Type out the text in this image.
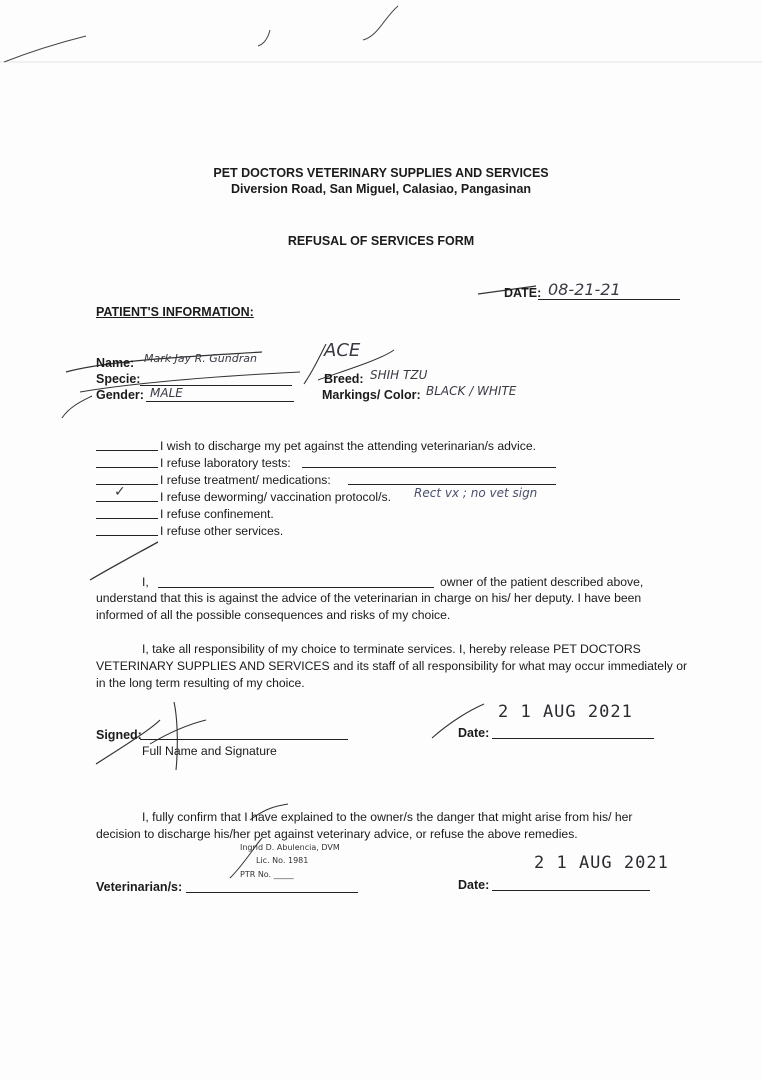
PET DOCTORS VETERINARY SUPPLIES AND SERVICES
Diversion Road, San Miguel, Calasiao, Pangasinan
REFUSAL OF SERVICES FORM
DATE: 08-21-21
PATIENT'S INFORMATION:
Name: Mark Jay R. Gundran	ACE
Specie:	Breed: SHIH TZU
Gender: MALE	Markings/ Color: BLACK / WHITE
I wish to discharge my pet against the attending veterinarian/s advice.
I refuse laboratory tests:
I refuse treatment/ medications:
✓	I refuse deworming/ vaccination protocol/s. Rect vx ; no vet sign
I refuse confinement.
I refuse other services.
I,	owner of the patient described above,
understand that this is against the advice of the veterinarian in charge on his/ her deputy. I have been
informed of all the possible consequences and risks of my choice.
I, take all responsibility of my choice to terminate services. I, hereby release PET DOCTORS
VETERINARY SUPPLIES AND SERVICES and its staff of all responsibility for what may occur immediately or
in the long term resulting of my choice.
Signed:
Full Name and Signature
2 1 AUG 2021
Date:
I, fully confirm that I have explained to the owner/s the danger that might arise from his/ her
decision to discharge his/her pet against veterinary advice, or refuse the above remedies.
Ingrid D. Abulencia, DVM
Lic. No. 1981
PTR No. _____
Veterinarian/s:
2 1 AUG 2021
Date:
